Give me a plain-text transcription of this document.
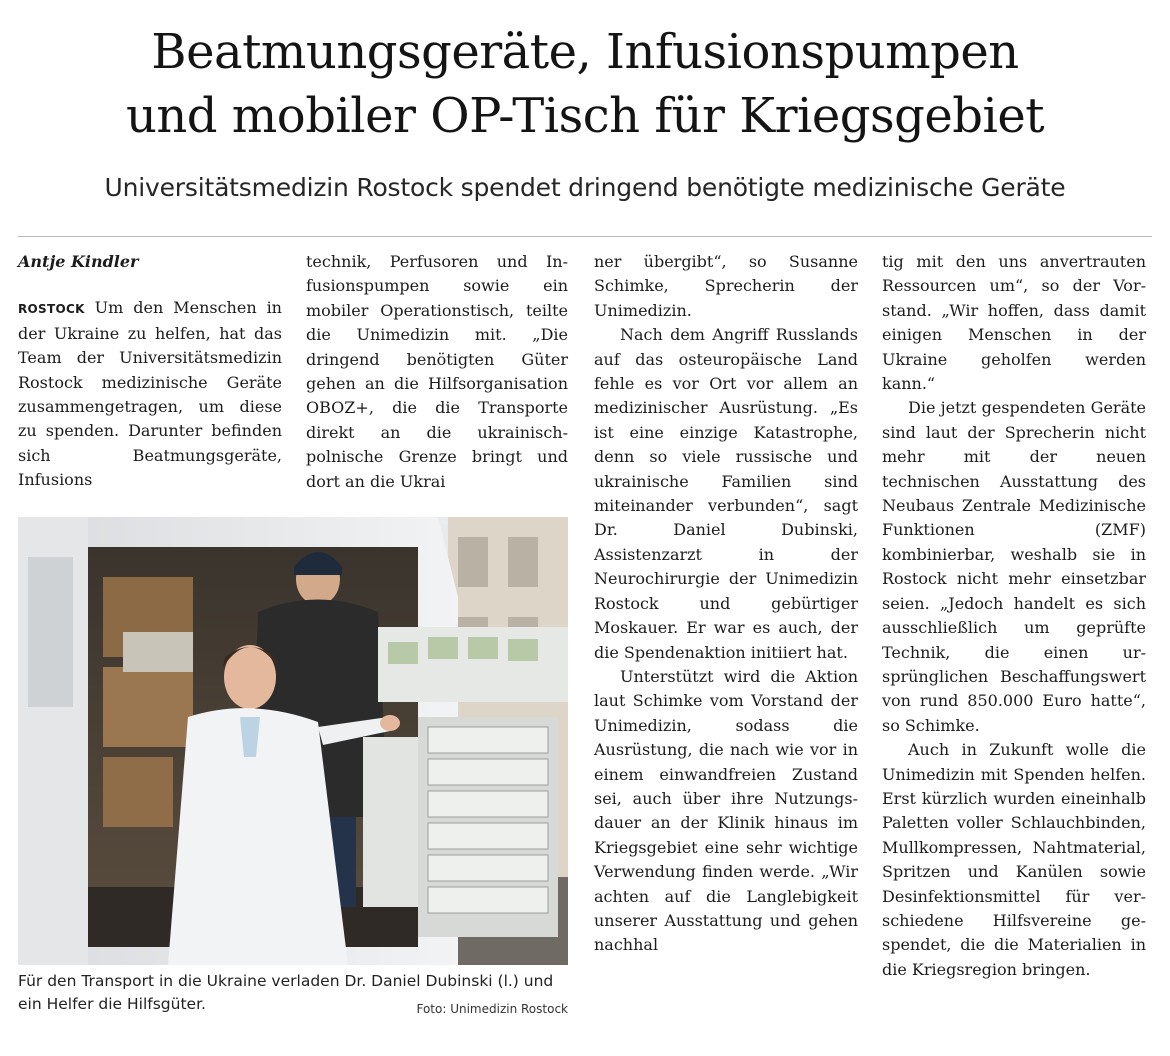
Beatmungsgeräte, Infusionspumpen
und mobiler OP-Tisch für Kriegsgebiet
Universitätsmedizin Rostock spendet dringend benötigte medizinische Geräte

Antje Kindler

ROSTOCK Um den Menschen in der Ukraine zu helfen, hat das Team der Universitätsmedizin Rostock medizinische Geräte zusammengetragen, um diese zu spenden. Darunter befinden sich Beatmungsgeräte, Infusions

technik, Perfusoren und Infusionspumpen sowie ein mobiler Operationstisch, teilte die Unimedizin mit. „Die dringend benötigten Güter gehen an die Hilfsorganisation OBOZ+, die die Transporte direkt an die ukrainisch-polnische Grenze bringt und dort an die Ukrai

ner übergibt“, so Susanne Schimke, Sprecherin der Unimedizin.

Nach dem Angriff Russlands auf das osteuropäische Land fehle es vor Ort vor allem an medizinischer Ausrüstung. „Es ist eine einzige Katastrophe, denn so viele russische und ukrainische Familien sind miteinander verbunden“, sagt Dr. Daniel Dubinski, Assistenzarzt in der Neurochirurgie der Unimedizin Rostock und gebürtiger Moskauer. Er war es auch, der die Spendenaktion initiiert hat.

Unterstützt wird die Aktion laut Schimke vom Vorstand der Unimedizin, sodass die Ausrüstung, die nach wie vor in einem einwandfreien Zustand sei, auch über ihre Nutzungsdauer an der Klinik hinaus im Kriegsgebiet eine sehr wichtige Verwendung finden werde. „Wir achten auf die Langlebigkeit unserer Ausstattung und gehen nachhal

tig mit den uns anvertrauten Ressourcen um“, so der Vorstand. „Wir hoffen, dass damit einigen Menschen in der Ukraine geholfen werden kann.“

Die jetzt gespendeten Geräte sind laut der Sprecherin nicht mehr mit der neuen technischen Ausstattung des Neubaus Zentrale Medizinische Funktionen (ZMF) kombinierbar, weshalb sie in Rostock nicht mehr einsetzbar seien. „Jedoch handelt es sich ausschließlich um geprüfte Technik, die einen ursprünglichen Beschaffungswert von rund 850.000 Euro hatte“, so Schimke.

Auch in Zukunft wolle die Unimedizin mit Spenden helfen. Erst kürzlich wurden eineinhalb Paletten voller Schlauchbinden, Mullkompressen, Nahtmaterial, Spritzen und Kanülen sowie Desinfektionsmittel für verschiedene Hilfsvereine gespendet, die die Materialien in die Kriegsregion bringen.

Für den Transport in die Ukraine verladen Dr. Daniel Dubinski (l.) und ein Helfer die Hilfsgüter.	Foto: Unimedizin Rostock
